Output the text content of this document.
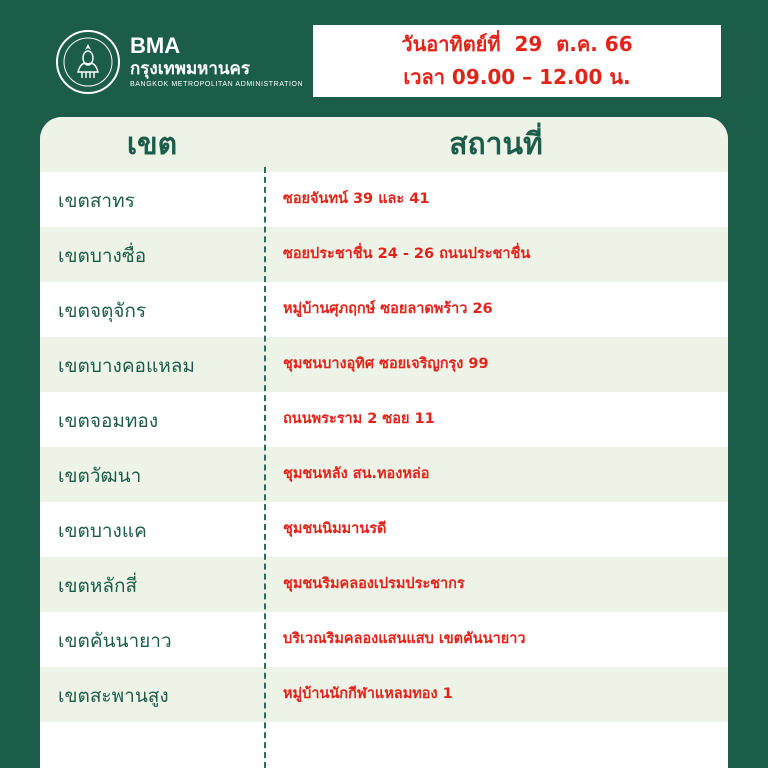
BMA
กรุงเทพมหานคร
BANGKOK METROPOLITAN ADMINISTRATION
วันอาทิตย์ที่  29  ต.ค. 66
เวลา 09.00 – 12.00 น.
เขต	สถานที่
เขตสาทร	ซอยจันทน์ 39 และ 41
เขตบางซื่อ	ซอยประชาชื่น 24 - 26 ถนนประชาชื่น
เขตจตุจักร	หมู่บ้านศุภฤกษ์ ซอยลาดพร้าว 26
เขตบางคอแหลม	ชุมชนบางอุทิศ ซอยเจริญกรุง 99
เขตจอมทอง	ถนนพระราม 2 ซอย 11
เขตวัฒนา	ชุมชนหลัง สน.ทองหล่อ
เขตบางแค	ชุมชนนิมมานรดี
เขตหลักสี่	ชุมชนริมคลองเปรมประชากร
เขตคันนายาว	บริเวณริมคลองแสนแสบ เขตคันนายาว
เขตสะพานสูง	หมู่บ้านนักกีฬาแหลมทอง 1
